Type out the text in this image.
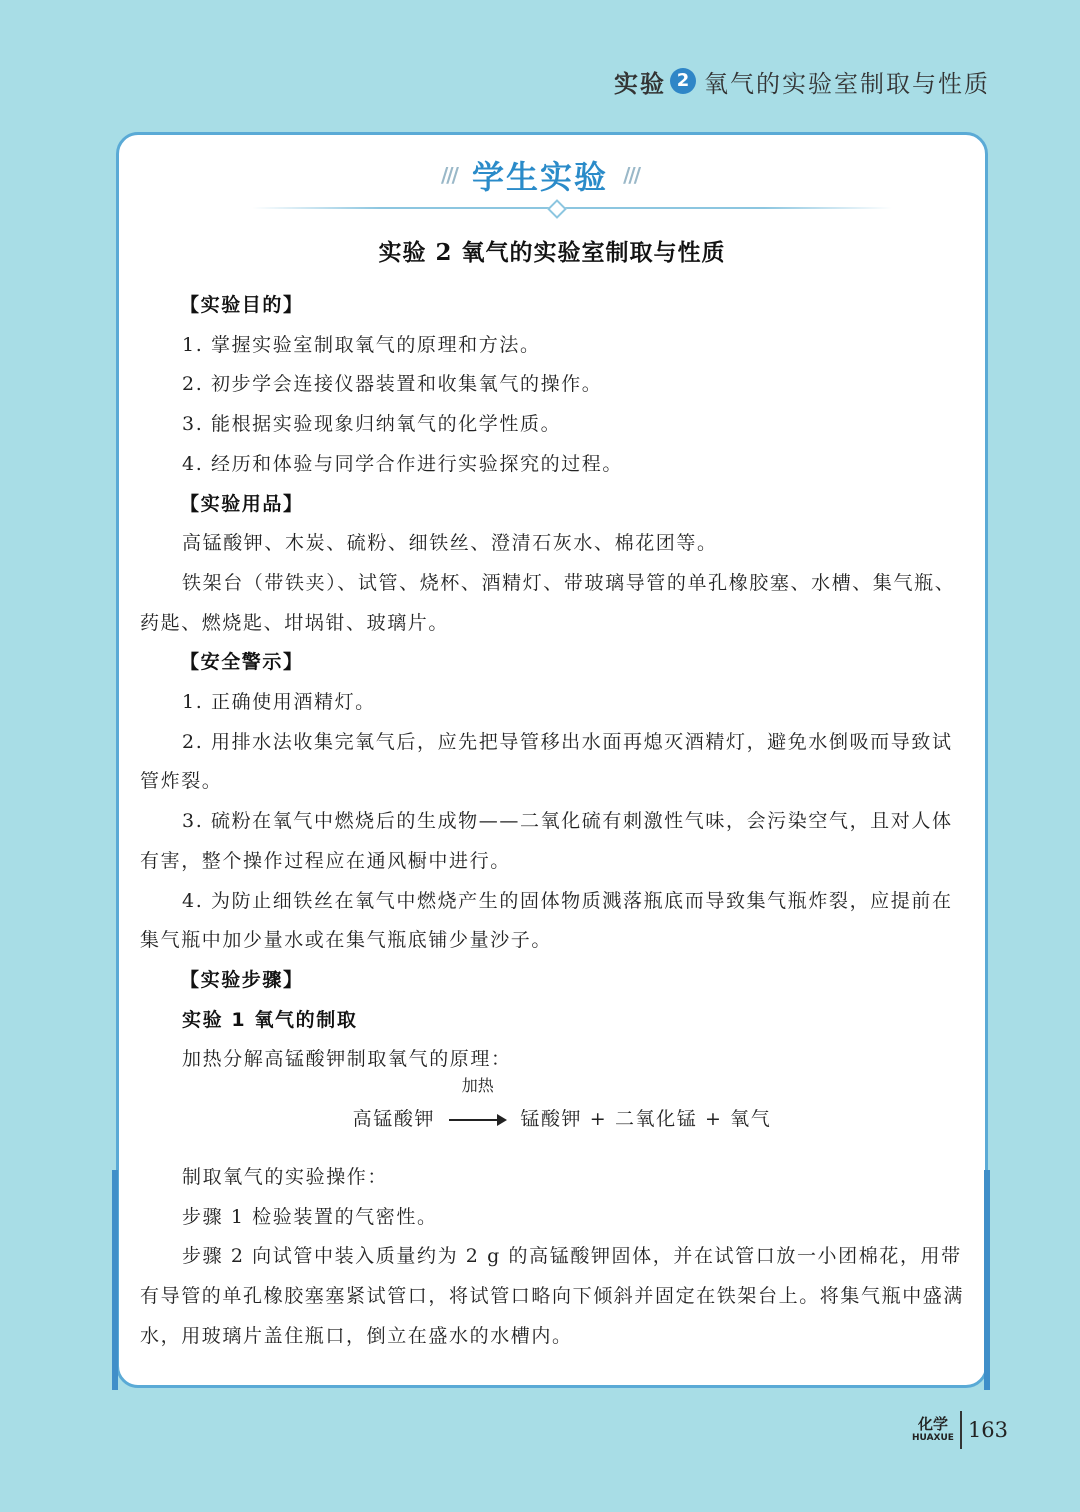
实验 2 氧气的实验室制取与性质
/// 学生实验 ///
实验 2 氧气的实验室制取与性质

【实验目的】

1. 掌握实验室制取氧气的原理和方法。

2. 初步学会连接仪器装置和收集氧气的操作。

3. 能根据实验现象归纳氧气的化学性质。

4. 经历和体验与同学合作进行实验探究的过程。

【实验用品】

高锰酸钾、木炭、硫粉、细铁丝、澄清石灰水、棉花团等。

铁架台（带铁夹）、试管、烧杯、酒精灯、带玻璃导管的单孔橡胶塞、水槽、集气瓶、药匙、燃烧匙、坩埚钳、玻璃片。

【安全警示】

1. 正确使用酒精灯。

2. 用排水法收集完氧气后，应先把导管移出水面再熄灭酒精灯，避免水倒吸而导致试管炸裂。

3. 硫粉在氧气中燃烧后的生成物——二氧化硫有刺激性气味，会污染空气，且对人体有害，整个操作过程应在通风橱中进行。

4. 为防止细铁丝在氧气中燃烧产生的固体物质溅落瓶底而导致集气瓶炸裂，应提前在集气瓶中加少量水或在集气瓶底铺少量沙子。

【实验步骤】

实验 1 氧气的制取

加热分解高锰酸钾制取氧气的原理：

高锰酸钾
加热
锰酸钾 + 二氧化锰 + 氧气

制取氧气的实验操作：

步骤 1 检验装置的气密性。

步骤 2 向试管中装入质量约为 2 g 的高锰酸钾固体，并在试管口放一小团棉花，用带有导管的单孔橡胶塞塞紧试管口，将试管口略向下倾斜并固定在铁架台上。将集气瓶中盛满水，用玻璃片盖住瓶口，倒立在盛水的水槽内。

化学
HUAXUE 163
